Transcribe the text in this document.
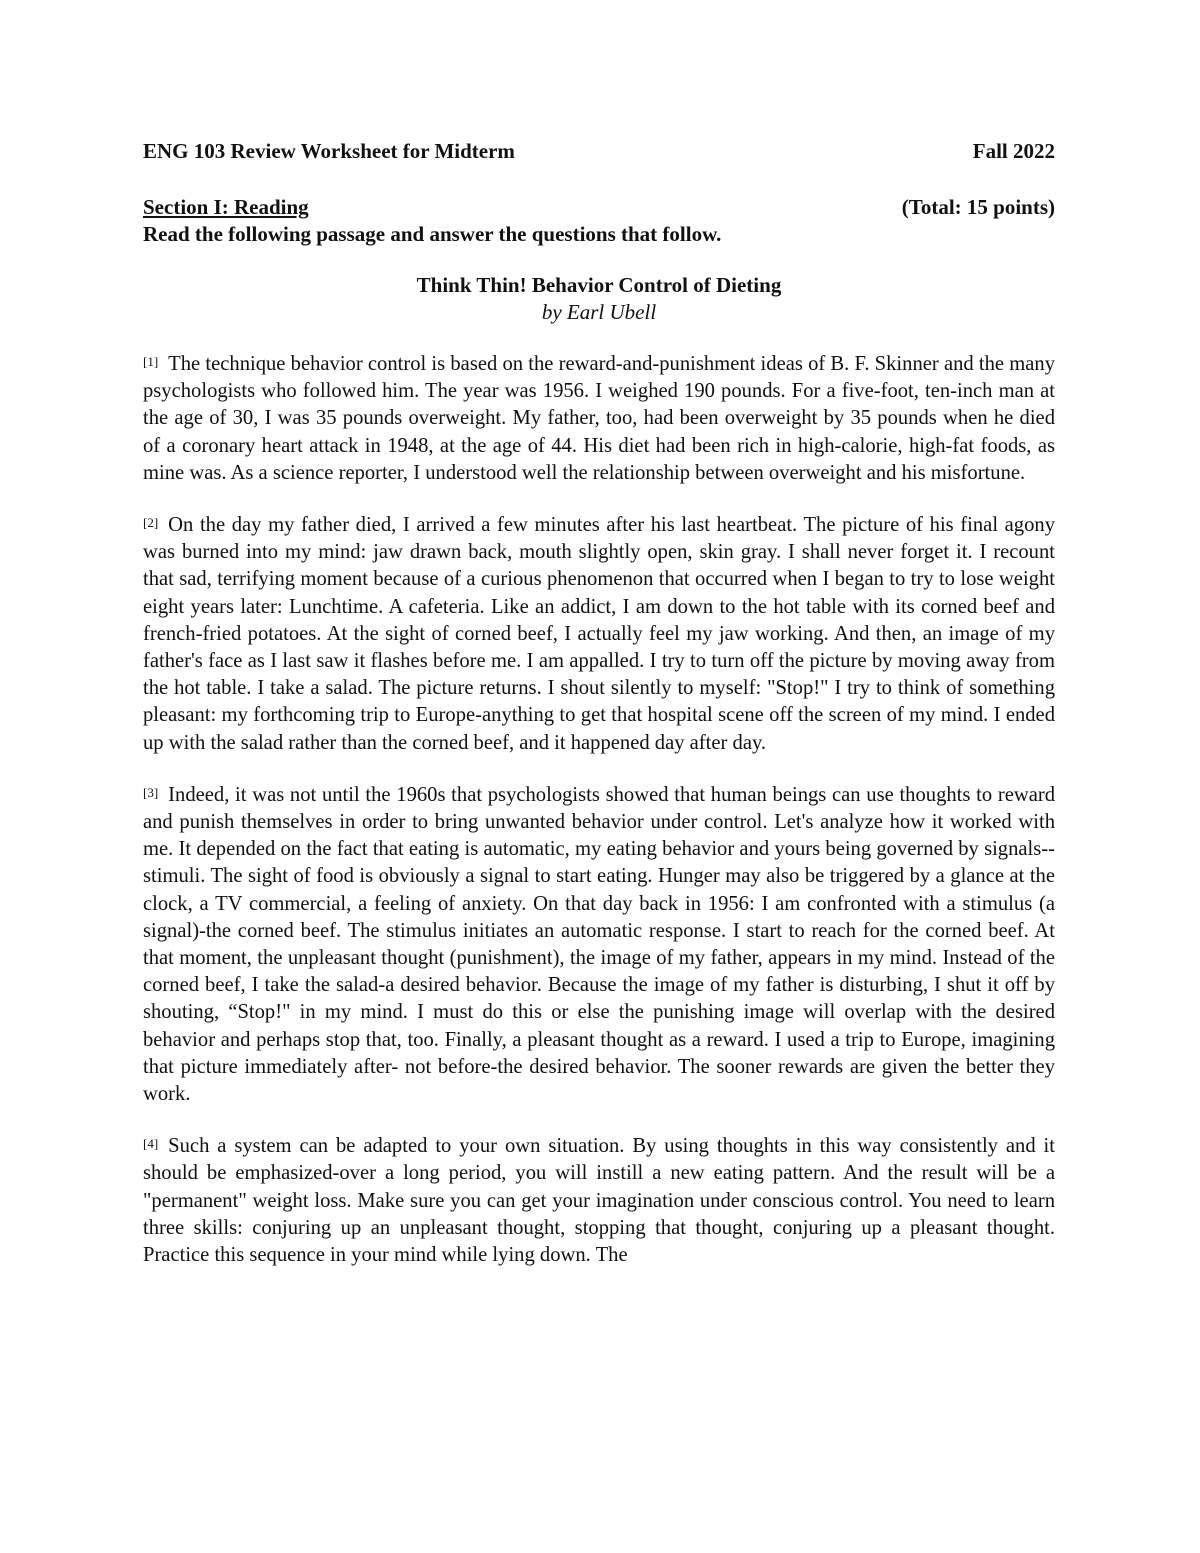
ENG 103 Review Worksheet for Midterm	Fall 2022
Section I: Reading	(Total: 15 points)
Read the following passage and answer the questions that follow.
Think Thin! Behavior Control of Dieting
by Earl Ubell
[1] The technique behavior control is based on the reward-and-punishment ideas of B. F. Skinner and the many psychologists who followed him. The year was 1956. I weighed 190 pounds. For a five-foot, ten-inch man at the age of 30, I was 35 pounds overweight. My father, too, had been overweight by 35 pounds when he died of a coronary heart attack in 1948, at the age of 44. His diet had been rich in high-calorie, high-fat foods, as mine was. As a science reporter, I understood well the relationship between overweight and his misfortune.
[2] On the day my father died, I arrived a few minutes after his last heartbeat. The picture of his final agony was burned into my mind: jaw drawn back, mouth slightly open, skin gray. I shall never forget it. I recount that sad, terrifying moment because of a curious phenomenon that occurred when I began to try to lose weight eight years later: Lunchtime. A cafeteria. Like an addict, I am down to the hot table with its corned beef and french-fried potatoes. At the sight of corned beef, I actually feel my jaw working. And then, an image of my father's face as I last saw it flashes before me. I am appalled. I try to turn off the picture by moving away from the hot table. I take a salad. The picture returns. I shout silently to myself: "Stop!" I try to think of something pleasant: my forthcoming trip to Europe-anything to get that hospital scene off the screen of my mind. I ended up with the salad rather than the corned beef, and it happened day after day.
[3] Indeed, it was not until the 1960s that psychologists showed that human beings can use thoughts to reward and punish themselves in order to bring unwanted behavior under control. Let's analyze how it worked with me. It depended on the fact that eating is automatic, my eating behavior and yours being governed by signals--stimuli. The sight of food is obviously a signal to start eating. Hunger may also be triggered by a glance at the clock, a TV commercial, a feeling of anxiety. On that day back in 1956: I am confronted with a stimulus (a signal)-the corned beef. The stimulus initiates an automatic response. I start to reach for the corned beef. At that moment, the unpleasant thought (punishment), the image of my father, appears in my mind. Instead of the corned beef, I take the salad-a desired behavior. Because the image of my father is disturbing, I shut it off by shouting, “Stop!" in my mind. I must do this or else the punishing image will overlap with the desired behavior and perhaps stop that, too. Finally, a pleasant thought as a reward. I used a trip to Europe, imagining that picture immediately after- not before-the desired behavior. The sooner rewards are given the better they work.
[4] Such a system can be adapted to your own situation. By using thoughts in this way consistently and it should be emphasized-over a long period, you will instill a new eating pattern. And the result will be a "permanent" weight loss. Make sure you can get your imagination under conscious control. You need to learn three skills: conjuring up an unpleasant thought, stopping that thought, conjuring up a pleasant thought. Practice this sequence in your mind while lying down. The
